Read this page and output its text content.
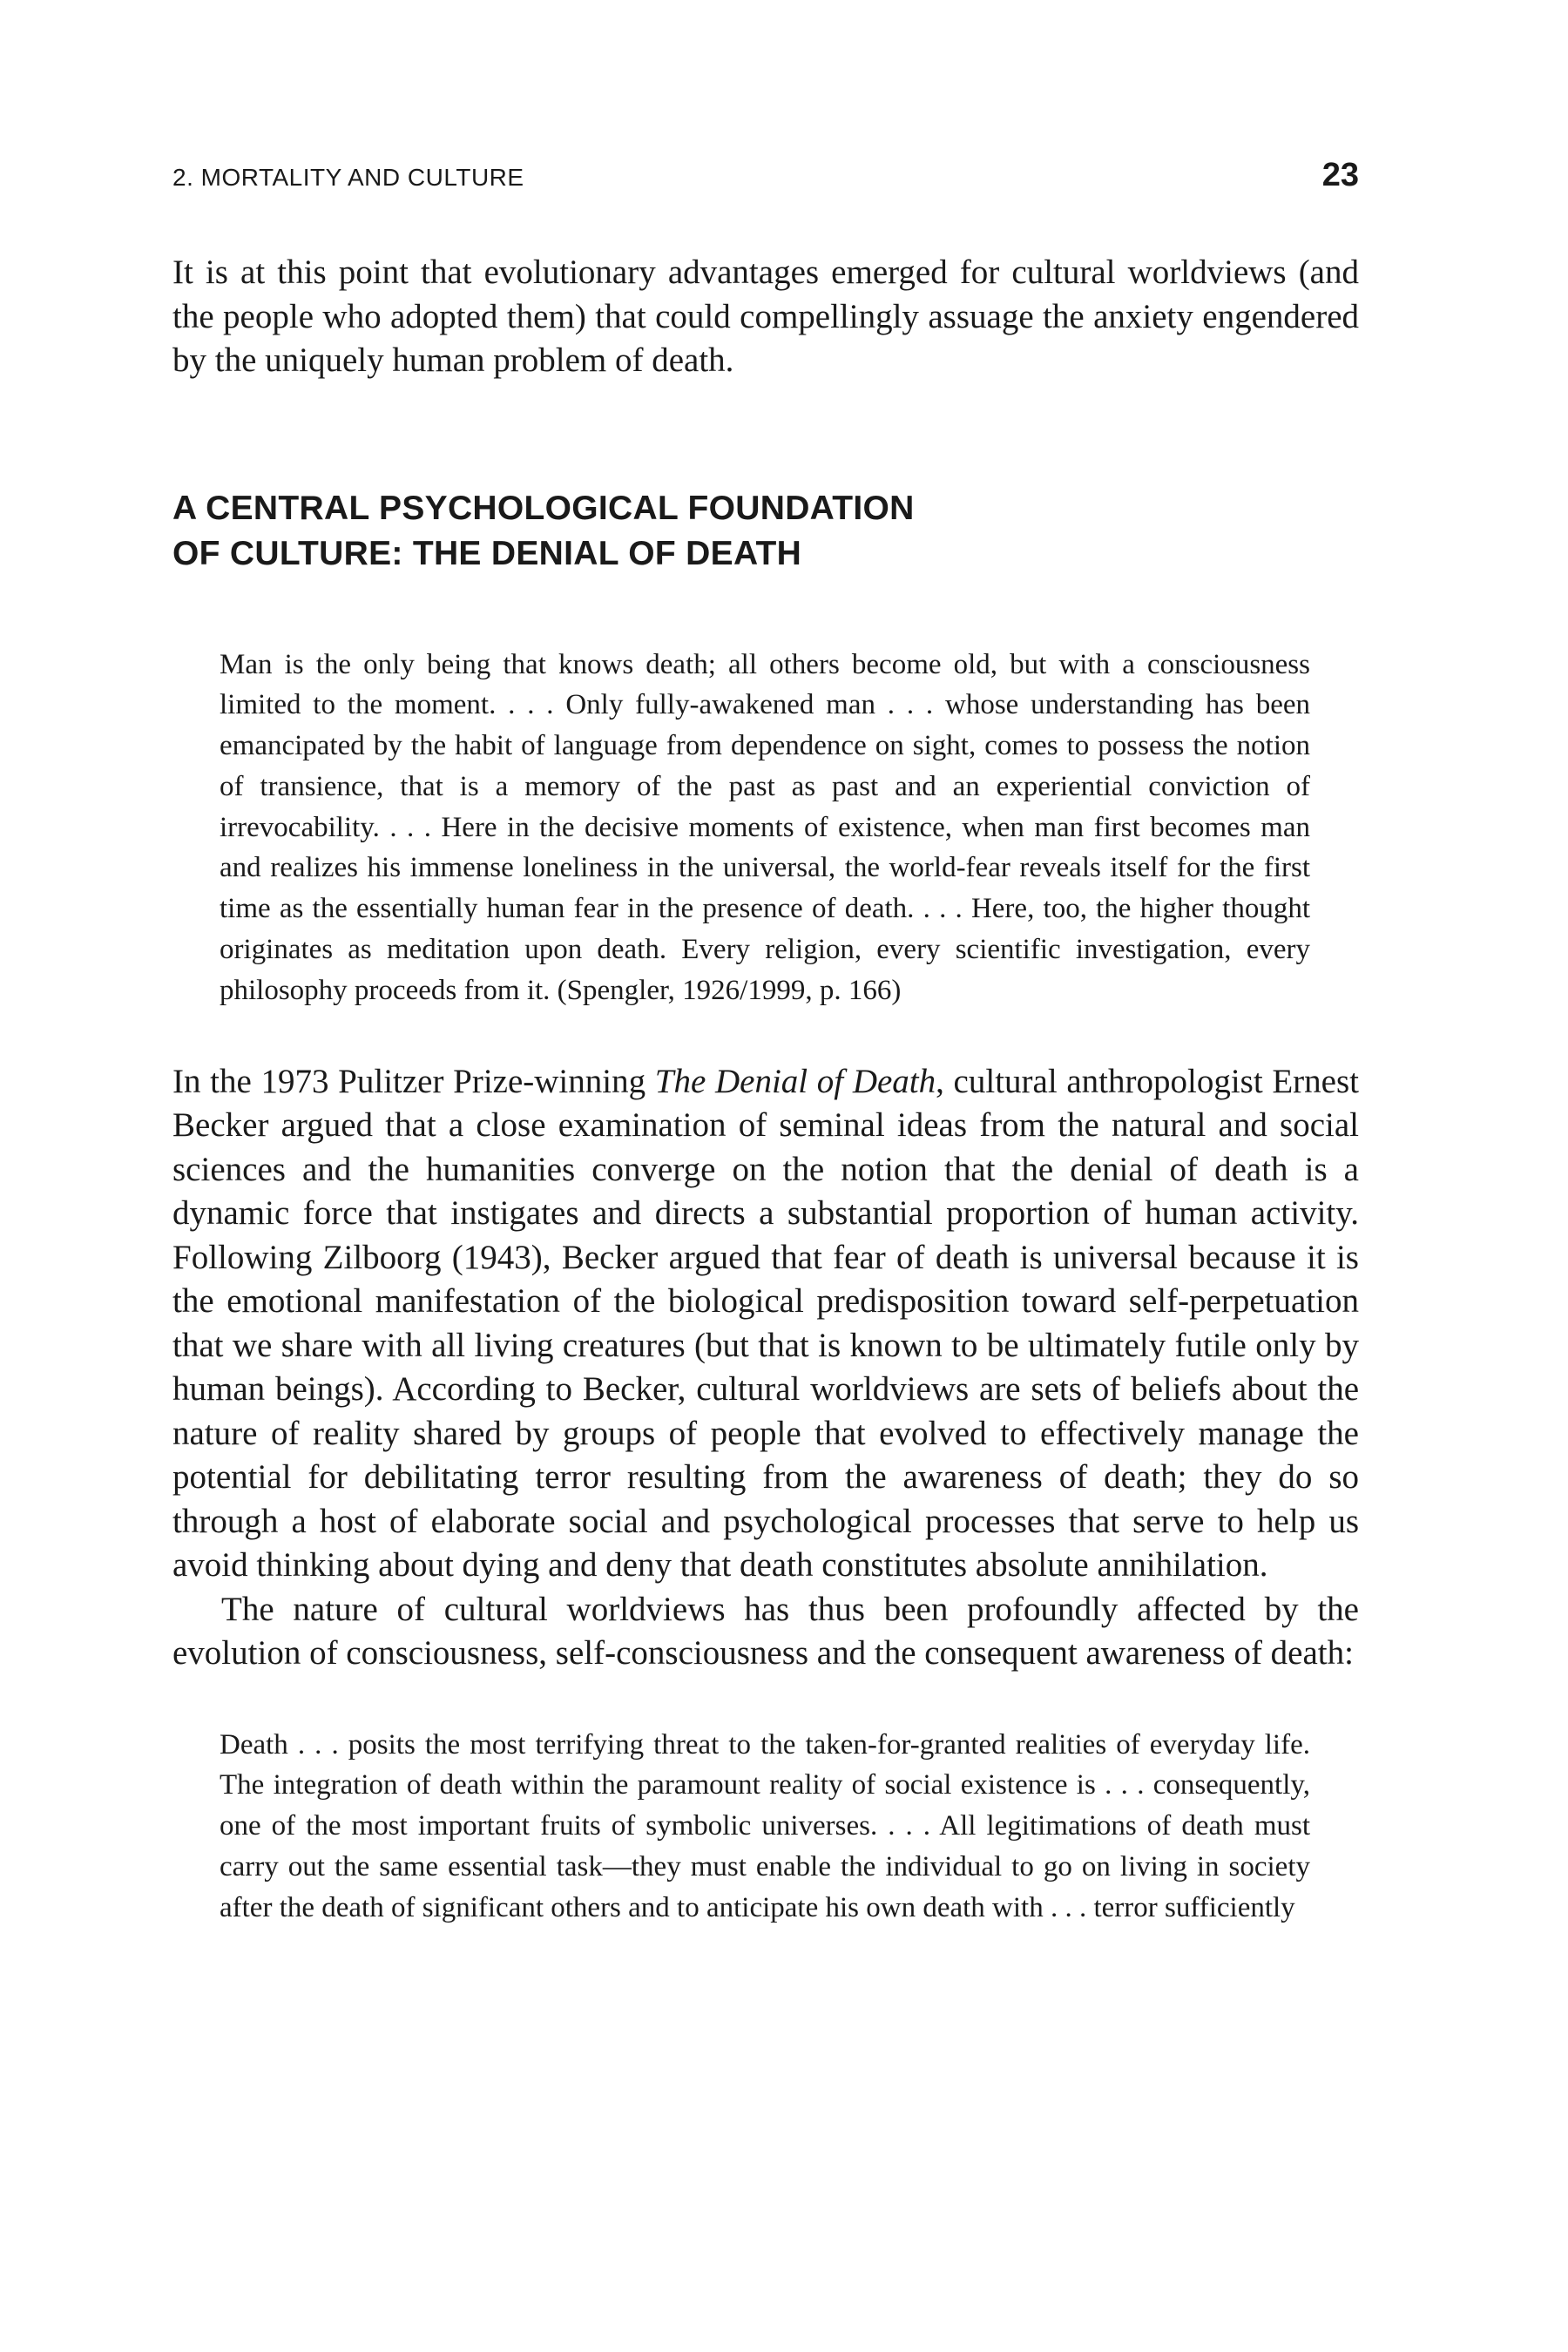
2. MORTALITY AND CULTURE	23

It is at this point that evolutionary advantages emerged for cultural worldviews (and the people who adopted them) that could compellingly assuage the anxiety engendered by the uniquely human problem of death.

A CENTRAL PSYCHOLOGICAL FOUNDATION
OF CULTURE: THE DENIAL OF DEATH

Man is the only being that knows death; all others become old, but with a consciousness limited to the moment. . . . Only fully-awakened man . . . whose understanding has been emancipated by the habit of language from dependence on sight, comes to possess the notion of transience, that is a memory of the past as past and an experiential conviction of irrevocability. . . . Here in the decisive moments of existence, when man first becomes man and realizes his immense loneliness in the universal, the world-fear reveals itself for the first time as the essentially human fear in the presence of death. . . . Here, too, the higher thought originates as meditation upon death. Every religion, every scientific investigation, every philosophy proceeds from it. (Spengler, 1926/1999, p. 166)

In the 1973 Pulitzer Prize-winning The Denial of Death, cultural anthropologist Ernest Becker argued that a close examination of seminal ideas from the natural and social sciences and the humanities converge on the notion that the denial of death is a dynamic force that instigates and directs a substantial proportion of human activity. Following Zilboorg (1943), Becker argued that fear of death is universal because it is the emotional manifestation of the biological predisposition toward self-perpetuation that we share with all living creatures (but that is known to be ultimately futile only by human beings). According to Becker, cultural worldviews are sets of beliefs about the nature of reality shared by groups of people that evolved to effectively manage the potential for debilitating terror resulting from the awareness of death; they do so through a host of elaborate social and psychological processes that serve to help us avoid thinking about dying and deny that death constitutes absolute annihilation.

The nature of cultural worldviews has thus been profoundly affected by the evolution of consciousness, self-consciousness and the consequent awareness of death:

Death . . . posits the most terrifying threat to the taken-for-granted realities of everyday life. The integration of death within the paramount reality of social existence is . . . consequently, one of the most important fruits of symbolic universes. . . . All legitimations of death must carry out the same essential task—they must enable the individual to go on living in society after the death of significant others and to anticipate his own death with . . . terror sufficiently
